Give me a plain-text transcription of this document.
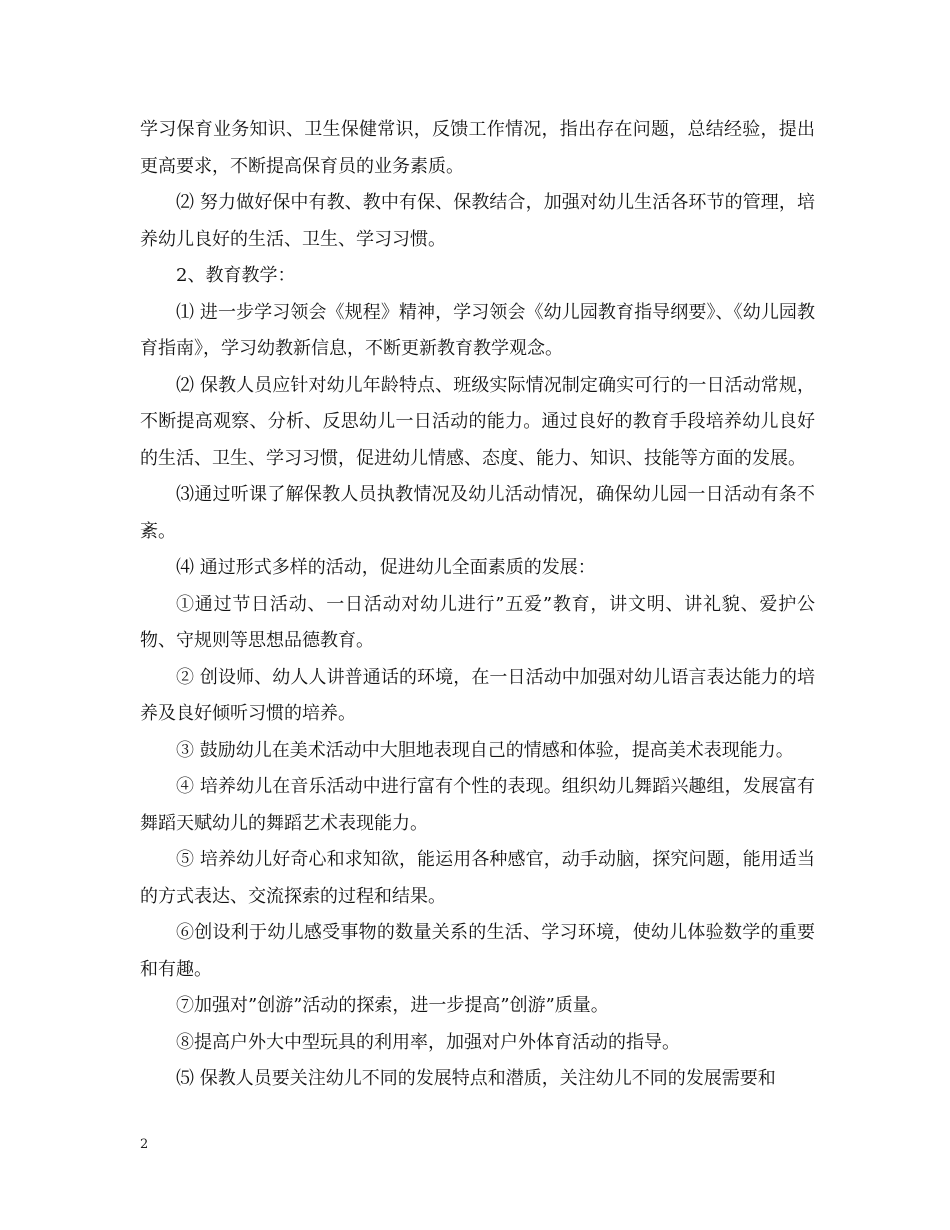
学习保育业务知识、卫生保健常识，反馈工作情况，指出存在问题，总结经验，提出更高要求，不断提高保育员的业务素质。

⑵ 努力做好保中有教、教中有保、保教结合，加强对幼儿生活各环节的管理，培养幼儿良好的生活、卫生、学习习惯。

2、教育教学：

⑴ 进一步学习领会《规程》精神，学习领会《幼儿园教育指导纲要》、《幼儿园教育指南》，学习幼教新信息，不断更新教育教学观念。

⑵ 保教人员应针对幼儿年龄特点、班级实际情况制定确实可行的一日活动常规，不断提高观察、分析、反思幼儿一日活动的能力。通过良好的教育手段培养幼儿良好的生活、卫生、学习习惯，促进幼儿情感、态度、能力、知识、技能等方面的发展。

⑶通过听课了解保教人员执教情况及幼儿活动情况，确保幼儿园一日活动有条不紊。

⑷ 通过形式多样的活动，促进幼儿全面素质的发展：

①通过节日活动、一日活动对幼儿进行”五爱”教育，讲文明、讲礼貌、爱护公物、守规则等思想品德教育。

② 创设师、幼人人讲普通话的环境，在一日活动中加强对幼儿语言表达能力的培养及良好倾听习惯的培养。

③ 鼓励幼儿在美术活动中大胆地表现自己的情感和体验，提高美术表现能力。

④ 培养幼儿在音乐活动中进行富有个性的表现。组织幼儿舞蹈兴趣组，发展富有舞蹈天赋幼儿的舞蹈艺术表现能力。

⑤ 培养幼儿好奇心和求知欲，能运用各种感官，动手动脑，探究问题，能用适当的方式表达、交流探索的过程和结果。

⑥创设利于幼儿感受事物的数量关系的生活、学习环境，使幼儿体验数学的重要和有趣。

⑦加强对”创游”活动的探索，进一步提高”创游”质量。

⑧提高户外大中型玩具的利用率，加强对户外体育活动的指导。

⑸ 保教人员要关注幼儿不同的发展特点和潜质，关注幼儿不同的发展需要和

2
